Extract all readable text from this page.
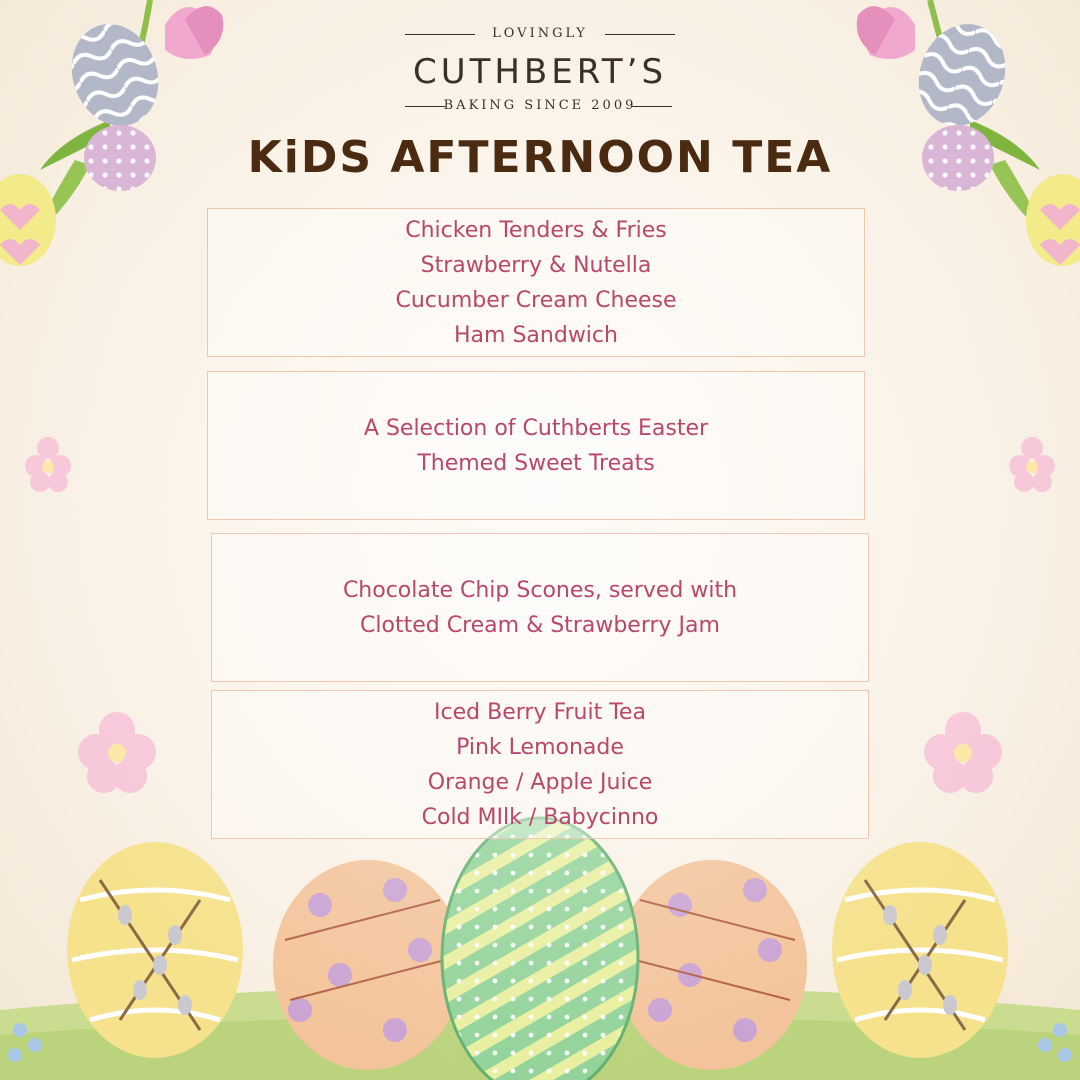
LOVINGLY
CUTHBERT’S
BAKING SINCE 2009
KiDS AFTERNOON TEA
Chicken Tenders & Fries
Strawberry & Nutella
Cucumber Cream Cheese
Ham Sandwich
A Selection of Cuthberts Easter
Themed Sweet Treats
Chocolate Chip Scones, served with
Clotted Cream & Strawberry Jam
Iced Berry Fruit Tea
Pink Lemonade
Orange / Apple Juice
Cold MIlk / Babycinno
